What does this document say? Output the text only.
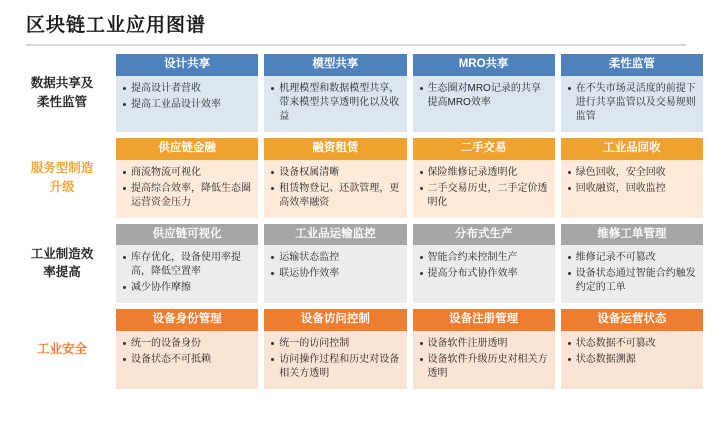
区块链工业应用图谱
数据共享及
柔性监管
设计共享
提高设计者营收
提高工业品设计效率
模型共享
机理模型和数据模型共享，带来模型共享透明化以及收益
MRO共享
生态圈对MRO记录的共享提高MRO效率
柔性监管
在不失市场灵活度的前提下进行共享监管以及交易规则监管
服务型制造
升级
供应链金融
商流物流可视化
提高综合效率，降低生态圈运营资金压力
融资租赁
设备权属清晰
租赁物登记、还款管理，更高效率融资
二手交易
保险维修记录透明化
二手交易历史，二手定价透明化
工业品回收
绿色回收，安全回收
回收融资，回收监控
工业制造效
率提高
供应链可视化
库存优化，设备使用率提高，降低空置率
减少协作摩擦
工业品运输监控
运输状态监控
联运协作效率
分布式生产
智能合约来控制生产
提高分布式协作效率
维修工单管理
维修记录不可篡改
设备状态通过智能合约触发约定的工单
工业安全
设备身份管理
统一的设备身份
设备状态不可抵赖
设备访问控制
统一的访问控制
访问操作过程和历史对设备相关方透明
设备注册管理
设备软件注册透明
设备软件升级历史对相关方透明
设备运营状态
状态数据不可篡改
状态数据溯源
